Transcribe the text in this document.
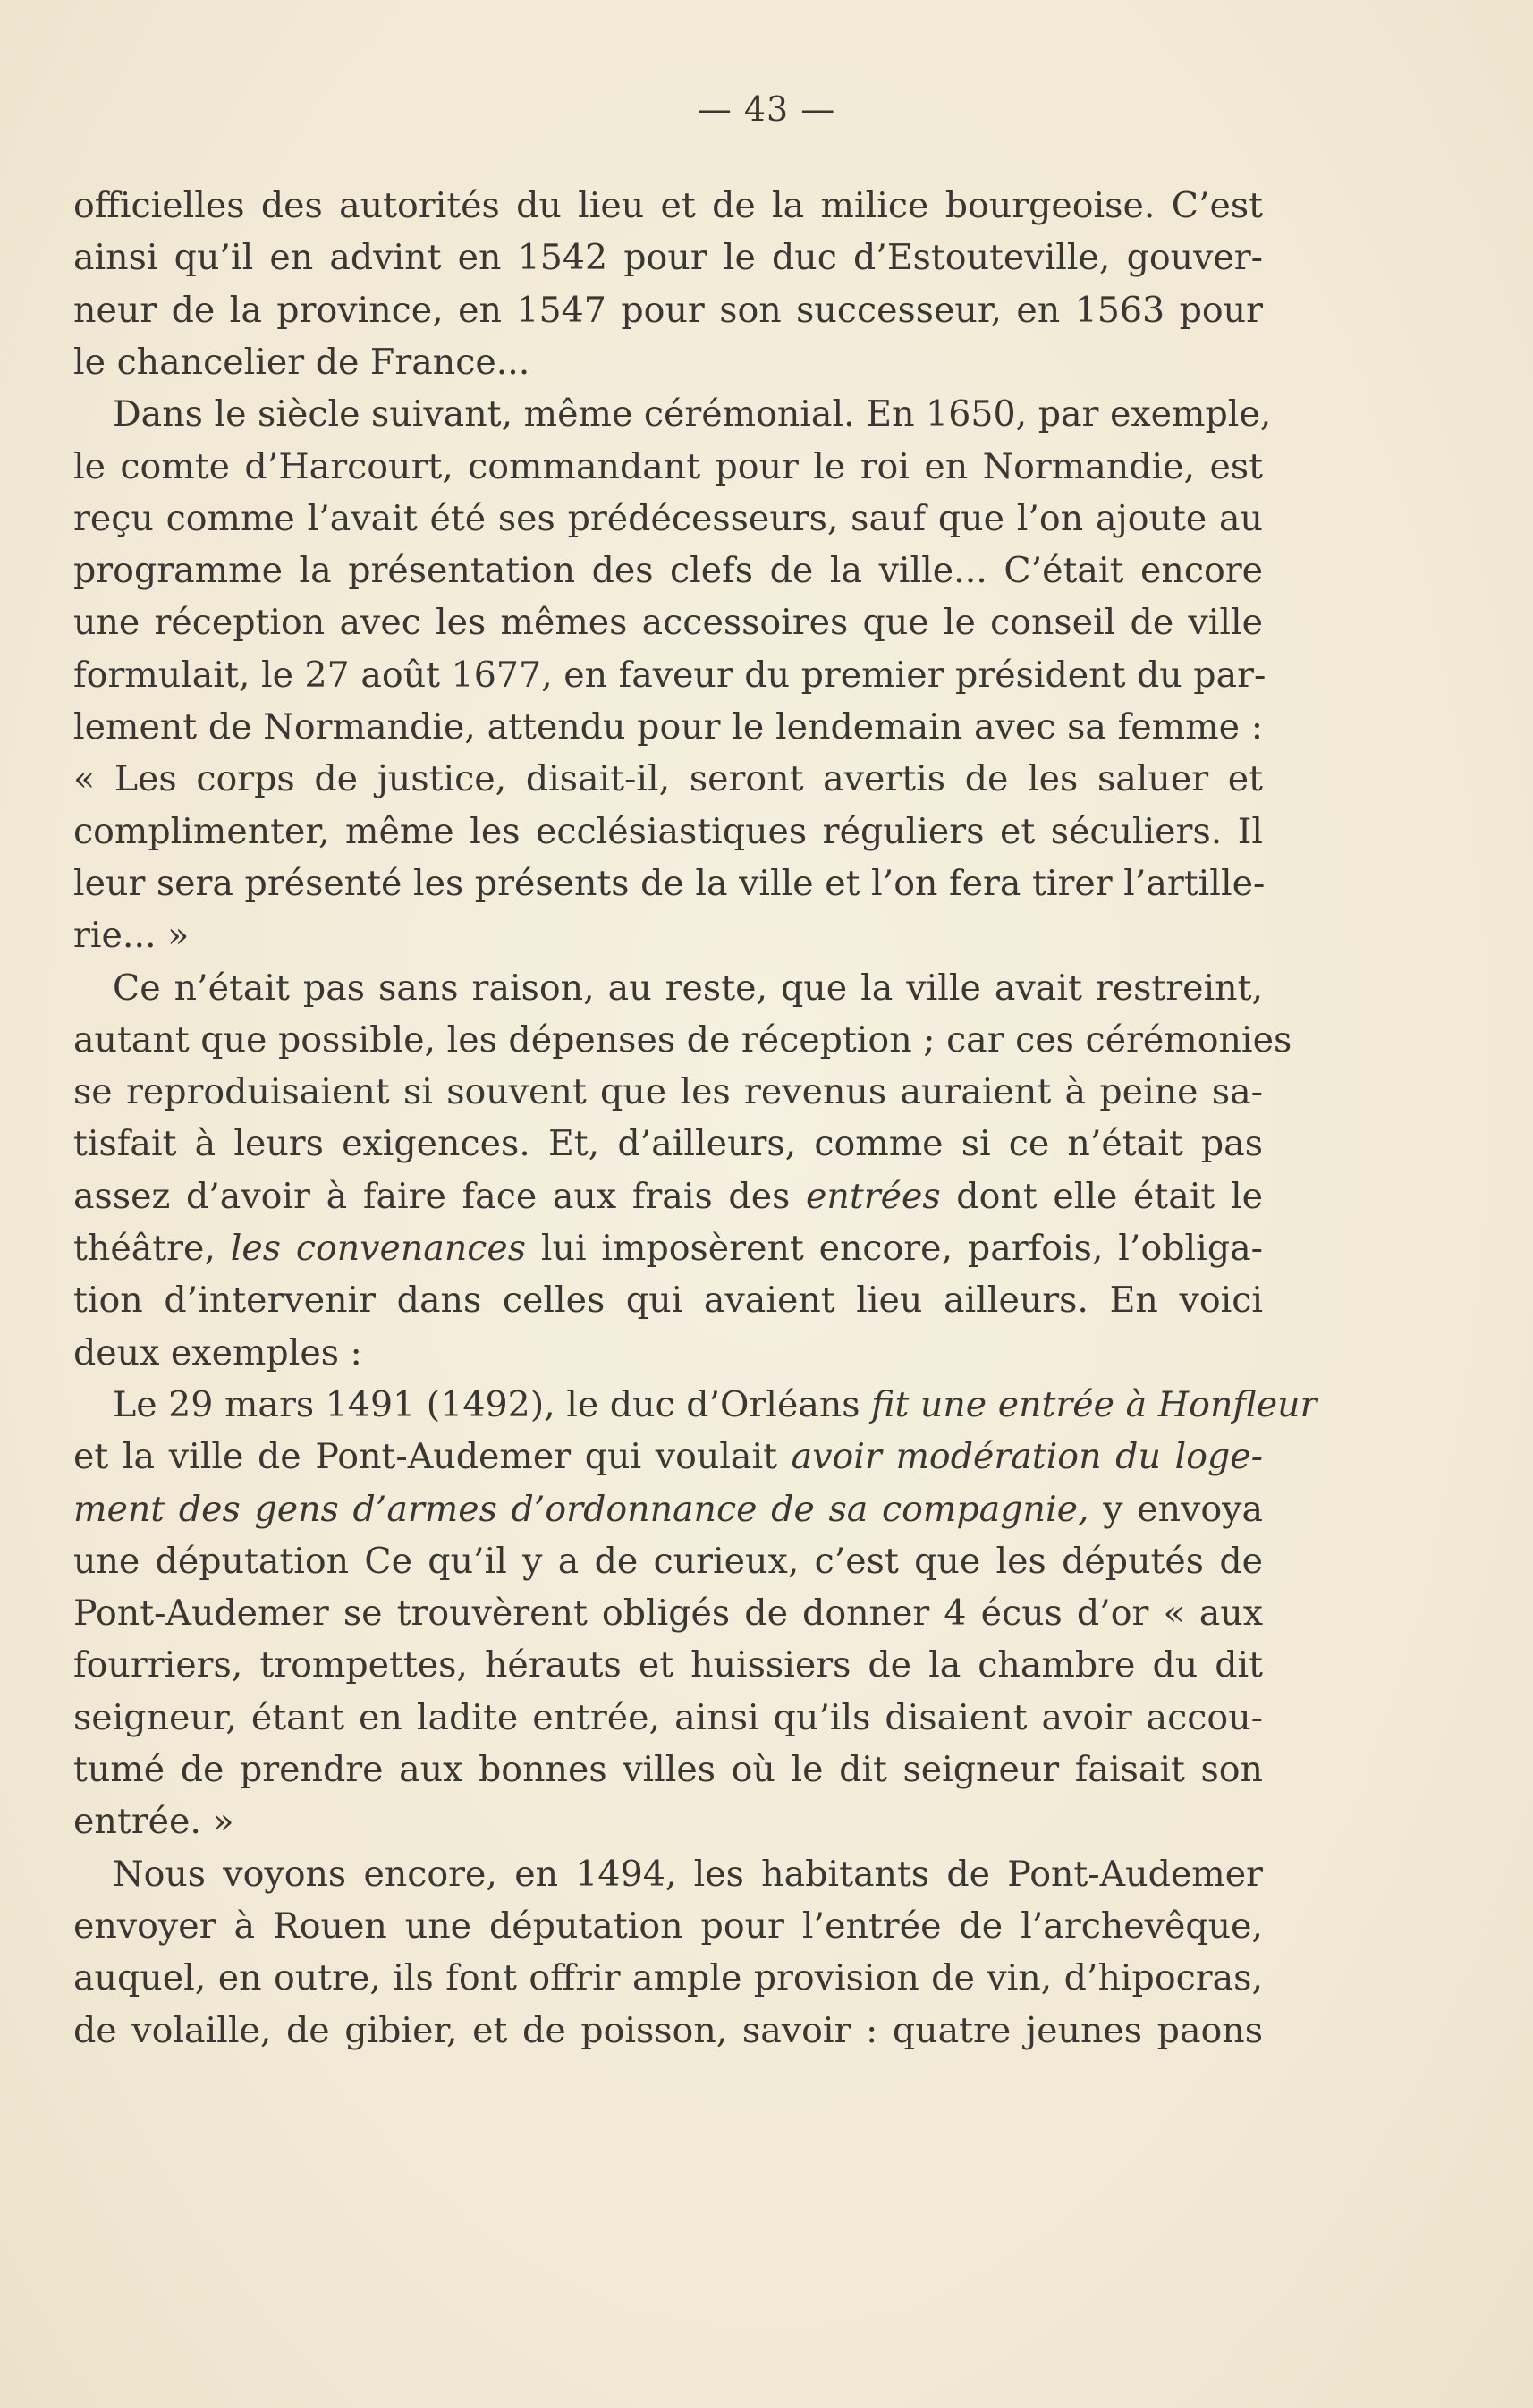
— 43 —
officielles des autorités du lieu et de la milice bourgeoise. C’est
ainsi qu’il en advint en 1542 pour le duc d’Estouteville, gouver-
neur de la province, en 1547 pour son successeur, en 1563 pour
le chancelier de France...
Dans le siècle suivant, même cérémonial. En 1650, par exemple,
le comte d’Harcourt, commandant pour le roi en Normandie, est
reçu comme l’avait été ses prédécesseurs, sauf que l’on ajoute au
programme la présentation des clefs de la ville... C’était encore
une réception avec les mêmes accessoires que le conseil de ville
formulait, le 27 août 1677, en faveur du premier président du par-
lement de Normandie, attendu pour le lendemain avec sa femme :
« Les corps de justice, disait-il, seront avertis de les saluer et
complimenter, même les ecclésiastiques réguliers et séculiers. Il
leur sera présenté les présents de la ville et l’on fera tirer l’artille-
rie... »
Ce n’était pas sans raison, au reste, que la ville avait restreint,
autant que possible, les dépenses de réception ; car ces cérémonies
se reproduisaient si souvent que les revenus auraient à peine sa-
tisfait à leurs exigences. Et, d’ailleurs, comme si ce n’était pas
assez d’avoir à faire face aux frais des entrées dont elle était le
théâtre, les convenances lui imposèrent encore, parfois, l’obliga-
tion d’intervenir dans celles qui avaient lieu ailleurs. En voici
deux exemples :
Le 29 mars 1491 (1492), le duc d’Orléans fit une entrée à Honfleur
et la ville de Pont-Audemer qui voulait avoir modération du loge-
ment des gens d’armes d’ordonnance de sa compagnie, y envoya
une députation Ce qu’il y a de curieux, c’est que les députés de
Pont-Audemer se trouvèrent obligés de donner 4 écus d’or « aux
fourriers, trompettes, hérauts et huissiers de la chambre du dit
seigneur, étant en ladite entrée, ainsi qu’ils disaient avoir accou-
tumé de prendre aux bonnes villes où le dit seigneur faisait son
entrée. »
Nous voyons encore, en 1494, les habitants de Pont-Audemer
envoyer à Rouen une députation pour l’entrée de l’archevêque,
auquel, en outre, ils font offrir ample provision de vin, d’hipocras,
de volaille, de gibier, et de poisson, savoir : quatre jeunes paons
